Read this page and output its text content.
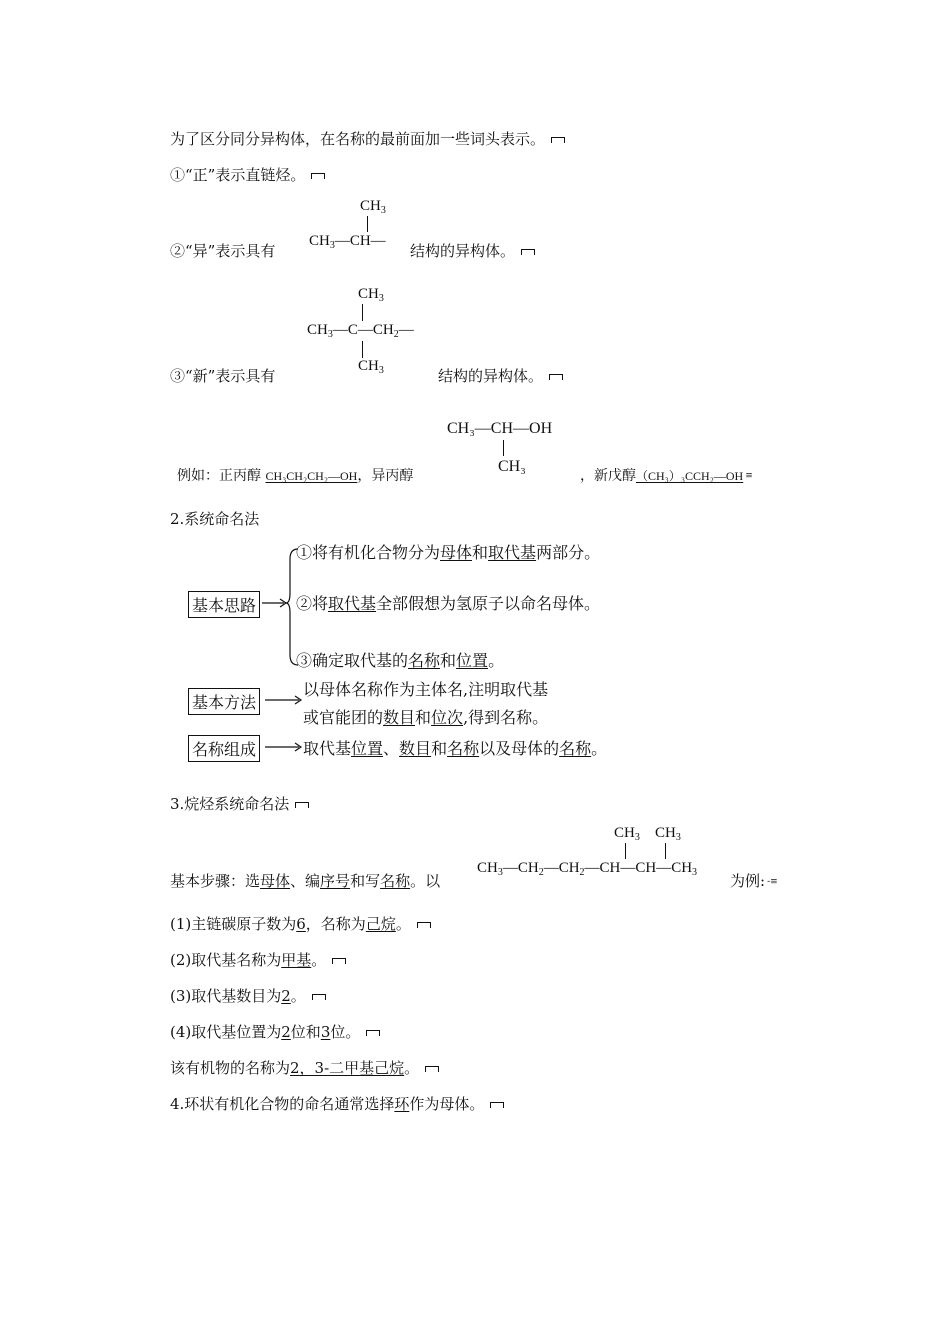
为了区分同分异构体，在名称的最前面加一些词头表示。
①“正”表示直链烃。
$CH_3$
$CH_3—CH—$
②“异”表示具有	结构的异构体。
$CH_3$
$CH_3—C—CH_2—$
$CH_3$
③“新”表示具有	结构的异构体。
CH₃—CH—OH
CH₃
例如：正丙醇 CH₃CH₂CH₂—OH，异丙醇	，新戊醇（CH₃）₃CCH₂—OH ≡
2.系统命名法
基本思路
①将有机化合物分为母体和取代基两部分。
②将取代基全部假想为氢原子以命名母体。
③确定取代基的名称和位置。
基本方法
以母体名称作为主体名,注明取代基
或官能团的数目和位次,得到名称。
名称组成	取代基位置、数目和名称以及母体的名称。
3.烷烃系统命名法
$CH_3$ $CH_3$
$CH_3—CH_2—CH_2—CH—CH—CH_3$
基本步骤：选母体、编序号和写名称。以	为例: -≡
(1)主链碳原子数为6，名称为己烷。
(2)取代基名称为甲基。
(3)取代基数目为2。
(4)取代基位置为2位和3位。
该有机物的名称为2，3-二甲基己烷。
4.环状有机化合物的命名通常选择环作为母体。
